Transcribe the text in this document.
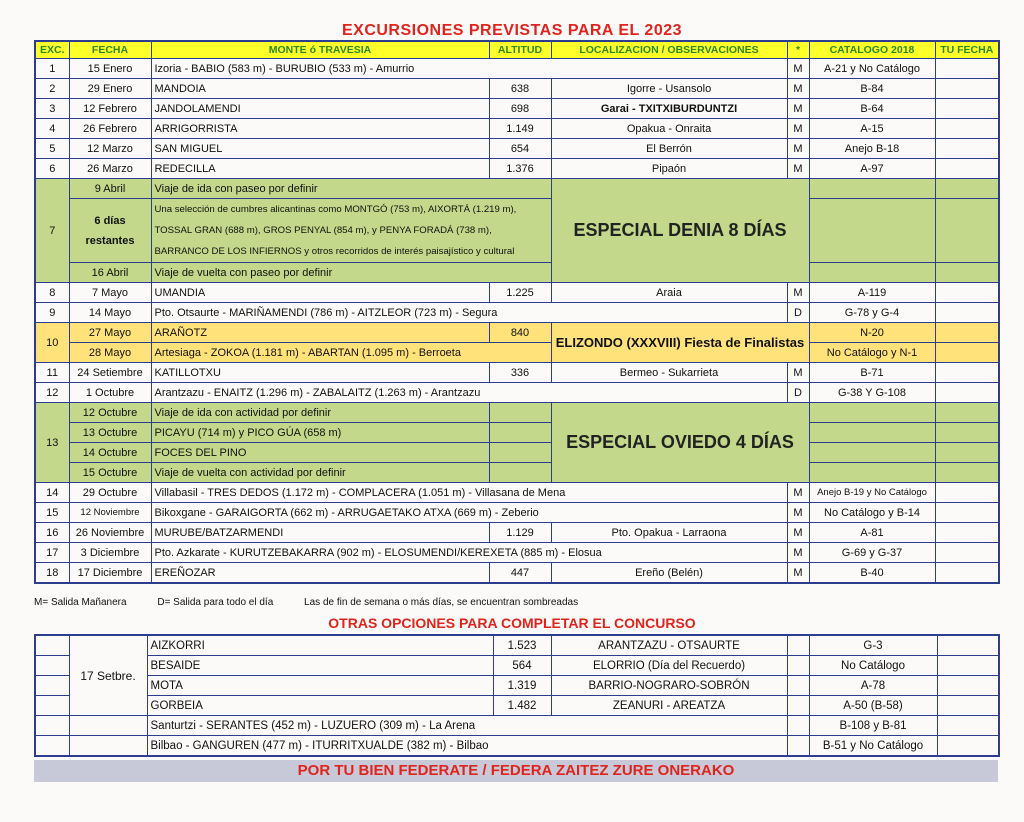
EXCURSIONES PREVISTAS PARA EL 2023
EXC.	FECHA	MONTE ó TRAVESIA	ALTITUD	LOCALIZACION / OBSERVACIONES	*	CATALOGO 2018	TU FECHA
1	15 Enero	Izoria - BABIO (583 m) - BURUBIO (533 m) - Amurrio			M	A-21 y No Catálogo	
2	29 Enero	MANDOIA	638	Igorre - Usansolo	M	B-84	
3	12 Febrero	JANDOLAMENDI	698	Garai - TXITXIBURDUNTZI	M	B-64	
4	26 Febrero	ARRIGORRISTA	1.149	Opakua - Onraita	M	A-15	
5	12 Marzo	SAN MIGUEL	654	El Berrón	M	Anejo B-18	
6	26 Marzo	REDECILLA	1.376	Pipaón	M	A-97	
7	9 Abril	Viaje de ida con paseo por definir		ESPECIAL DENIA 8 DÍAS			
	6 días restantes	Una selección de cumbres alicantinas como MONTGÓ (753 m), AIXORTÁ (1.219 m), TOSSAL GRAN (688 m), GROS PENYAL (854 m), y PENYA FORADÁ (738 m), BARRANCO DE LOS INFIERNOS y otros recorridos de interés paisajístico y cultural					
	16 Abril	Viaje de vuelta con paseo por definir					
8	7 Mayo	UMANDIA	1.225	Araia	M	A-119	
9	14 Mayo	Pto. Otsaurte - MARIÑAMENDI (786 m) - AITZLEOR (723 m) - Segura			D	G-78 y G-4	
10	27 Mayo	ARAÑOTZ	840	ELIZONDO (XXXVIII) Fiesta de Finalistas		N-20	
	28 Mayo	Artesiaga - ZOKOA (1.181 m) - ABARTAN (1.095 m) - Berroeta				No Catálogo y N-1	
11	24 Setiembre	KATILLOTXU	336	Bermeo - Sukarrieta	M	B-71	
12	1 Octubre	Arantzazu - ENAITZ (1.296 m) - ZABALAITZ (1.263 m) - Arantzazu			D	G-38 Y G-108	
13	12 Octubre	Viaje de ida con actividad por definir		ESPECIAL OVIEDO 4 DÍAS			
	13 Octubre	PICAYU (714 m) y PICO GÚA (658 m)					
	14 Octubre	FOCES DEL PINO					
	15 Octubre	Viaje de vuelta con actividad por definir					
14	29 Octubre	Villabasil - TRES DEDOS (1.172 m) - COMPLACERA (1.051 m) - Villasana de Mena			M	Anejo B-19 y No Catálogo	
15	12 Noviembre	Bikoxgane - GARAIGORTA (662 m) - ARRUGAETAKO ATXA (669 m) - Zeberio			M	No Catálogo y B-14	
16	26 Noviembre	MURUBE/BATZARMENDI	1.129	Pto. Opakua - Larraona	M	A-81	
17	3 Diciembre	Pto. Azkarate - KURUTZEBAKARRA (902 m) - ELOSUMENDI/KEREXETA (885 m) - Elosua			M	G-69 y G-37	
18	17 Diciembre	EREÑOZAR	447	Ereño (Belén)	M	B-40	
M= Salida Mañanera	D= Salida para todo el día	Las de fin de semana o más días, se encuentran sombreadas
OTRAS OPCIONES PARA COMPLETAR EL CONCURSO
	17 Setbre.	AIZKORRI	1.523	ARANTZAZU - OTSAURTE		G-3	
		BESAIDE	564	ELORRIO (Día del Recuerdo)		No Catálogo	
		MOTA	1.319	BARRIO-NOGRARO-SOBRÓN		A-78	
		GORBEIA	1.482	ZEANURI - AREATZA		A-50 (B-58)	
		Santurtzi - SERANTES (452 m) - LUZUERO (309 m) - La Arena				B-108 y B-81	
		Bilbao - GANGUREN (477 m) - ITURRITXUALDE (382 m) - Bilbao				B-51 y No Catálogo	
POR TU BIEN FEDERATE / FEDERA ZAITEZ ZURE ONERAKO
